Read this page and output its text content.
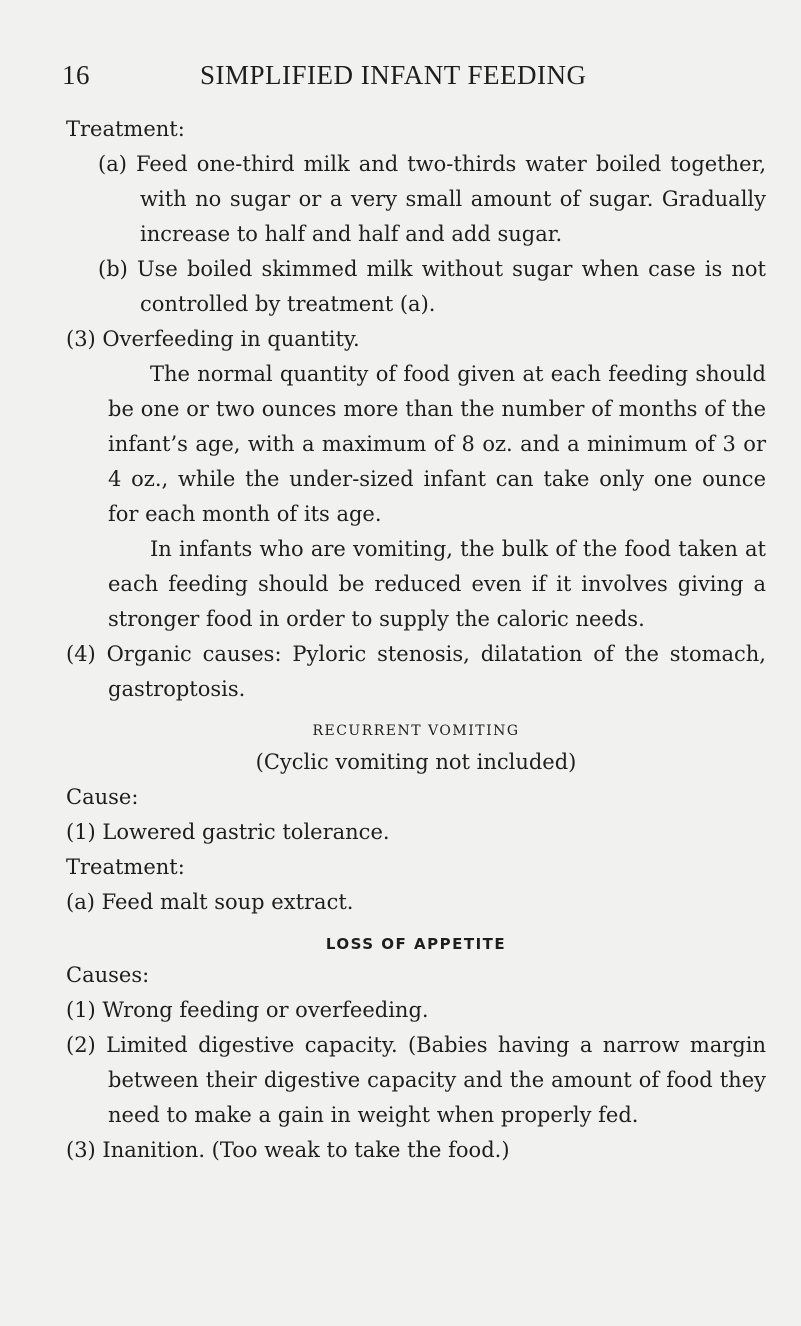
16	SIMPLIFIED INFANT FEEDING

Treatment:

(a) Feed one-third milk and two-thirds water boiled together, with no sugar or a very small amount of sugar. Gradually increase to half and half and add sugar.

(b) Use boiled skimmed milk without sugar when case is not controlled by treatment (a).

(3) Overfeeding in quantity.

The normal quantity of food given at each feeding should be one or two ounces more than the number of months of the infant’s age, with a maximum of 8 oz. and a minimum of 3 or 4 oz., while the under-sized infant can take only one ounce for each month of its age.

In infants who are vomiting, the bulk of the food taken at each feeding should be reduced even if it involves giving a stronger food in order to supply the caloric needs.

(4) Organic causes: Pyloric stenosis, dilatation of the stomach, gastroptosis.

RECURRENT VOMITING

(Cyclic vomiting not included)

Cause:

(1) Lowered gastric tolerance.

Treatment:

(a) Feed malt soup extract.

LOSS OF APPETITE

Causes:

(1) Wrong feeding or overfeeding.

(2) Limited digestive capacity. (Babies having a narrow margin between their digestive capacity and the amount of food they need to make a gain in weight when properly fed.

(3) Inanition. (Too weak to take the food.)
